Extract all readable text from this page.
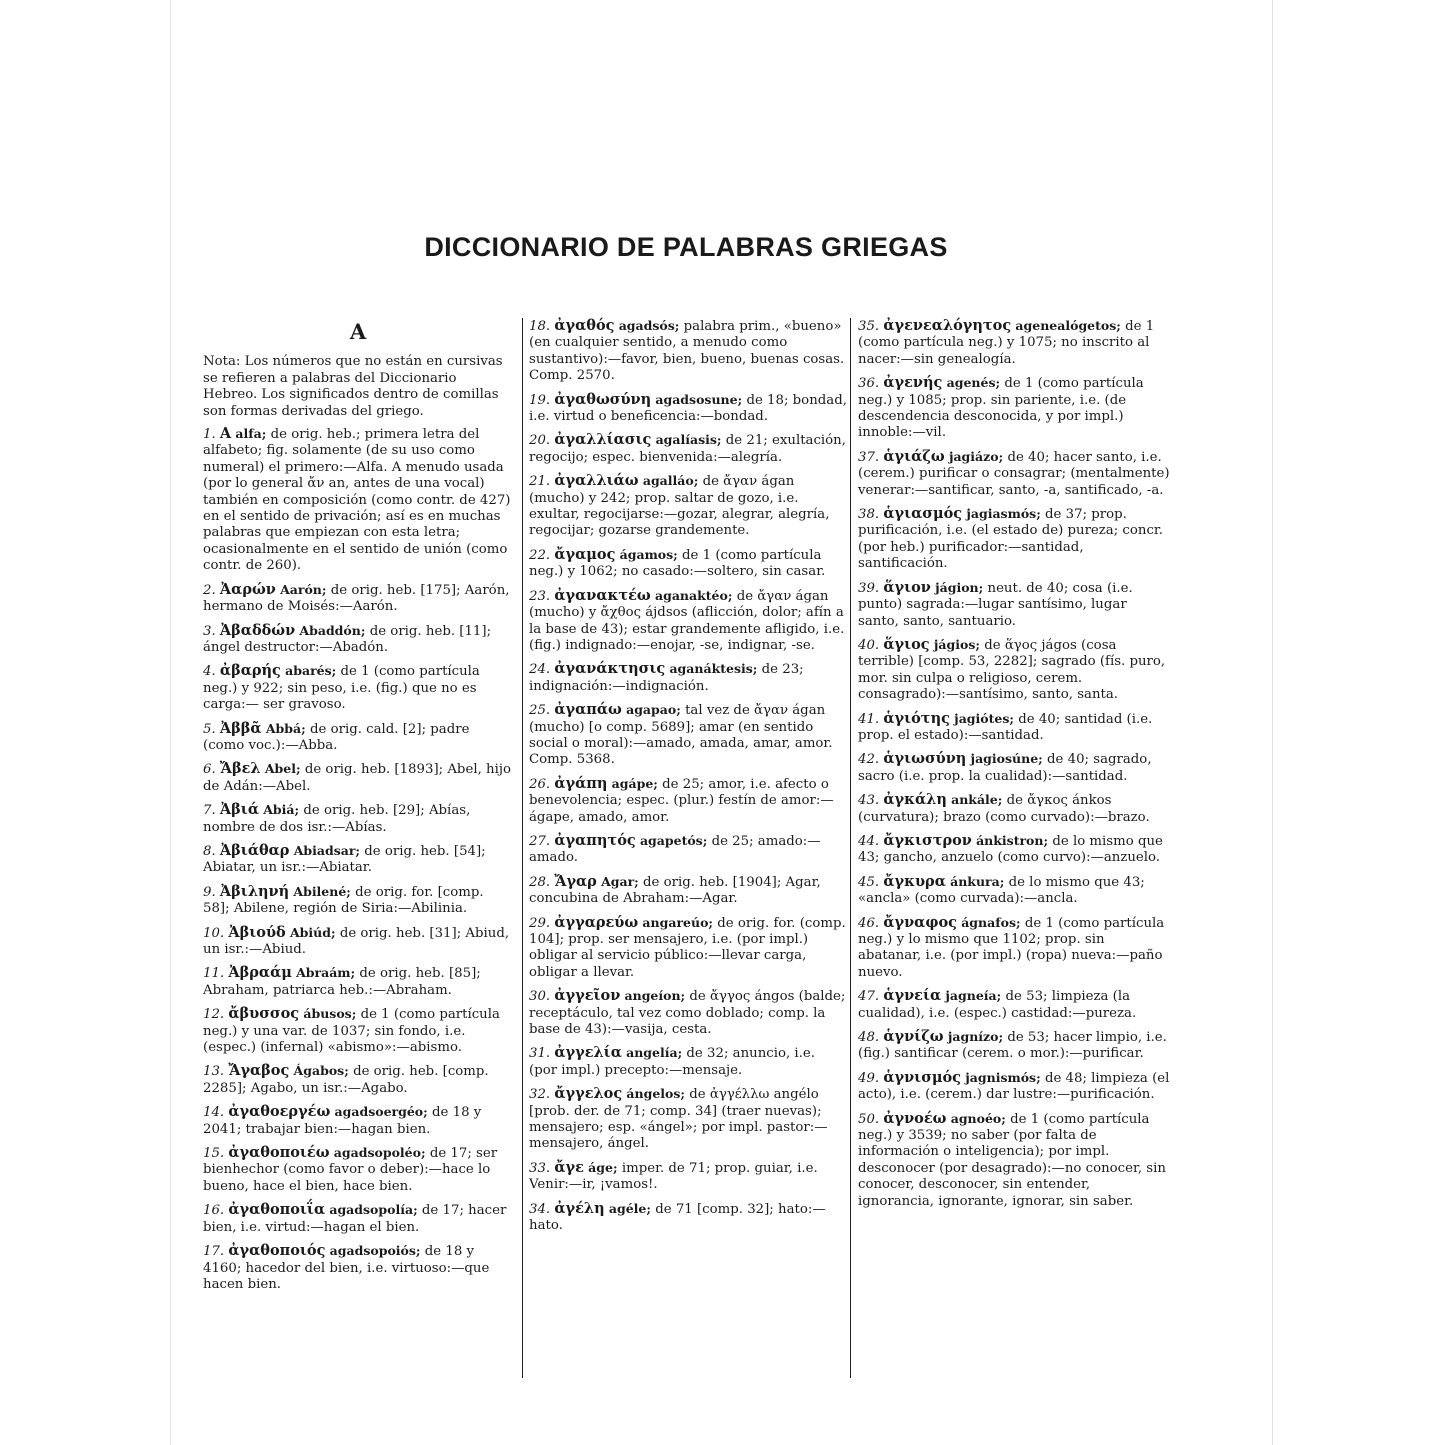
DICCIONARIO DE PALABRAS GRIEGAS
A
Nota: Los números que no están en cursivas se refieren a palabras del Diccionario Hebreo. Los significados dentro de comillas son formas derivadas del griego.
1. Α alfa; de orig. heb.; primera letra del alfabeto; fig. solamente (de su uso como numeral) el primero:—Alfa. A menudo usada (por lo general ἄν an, antes de una vocal) también en composición (como contr. de 427) en el sentido de privación; así es en muchas palabras que empiezan con esta letra; ocasionalmente en el sentido de unión (como contr. de 260).
2. Ἀαρών Aarón; de orig. heb. [175]; Aarón, hermano de Moisés:—Aarón.
3. Ἀβαδδών Abaddón; de orig. heb. [11]; ángel destructor:—Abadón.
4. ἀβαρής abarés; de 1 (como partícula neg.) y 922; sin peso, i.e. (fig.) que no es carga:— ser gravoso.
5. Ἀββᾶ Abbá; de orig. cald. [2]; padre (como voc.):—Abba.
6. Ἄβελ Abel; de orig. heb. [1893]; Abel, hijo de Adán:—Abel.
7. Ἀβιά Abiá; de orig. heb. [29]; Abías, nombre de dos isr.:—Abías.
8. Ἀβιάθαρ Abiadsar; de orig. heb. [54]; Abiatar, un isr.:—Abiatar.
9. Ἀβιληνή Abilené; de orig. for. [comp. 58]; Abilene, región de Siria:—Abilinia.
10. Ἀβιούδ Abiúd; de orig. heb. [31]; Abiud, un isr.:—Abiud.
11. Ἀβραάμ Abraám; de orig. heb. [85]; Abraham, patriarca heb.:—Abraham.
12. ἄβυσσος ábusos; de 1 (como partícula neg.) y una var. de 1037; sin fondo, i.e. (espec.) (infernal) «abismo»:—abismo.
13. Ἄγαβος Ágabos; de orig. heb. [comp. 2285]; Agabo, un isr.:—Agabo.
14. ἀγαθοεργέω agadsoergéo; de 18 y 2041; trabajar bien:—hagan bien.
15. ἀγαθοποιέω agadsopoléo; de 17; ser bienhechor (como favor o deber):—hace lo bueno, hace el bien, hace bien.
16. ἀγαθοποιΐα agadsopolía; de 17; hacer bien, i.e. virtud:—hagan el bien.
17. ἀγαθοποιός agadsopoiós; de 18 y 4160; hacedor del bien, i.e. virtuoso:—que hacen bien.
18. ἀγαθός agadsós; palabra prim., «bueno» (en cualquier sentido, a menudo como sustantivo):—favor, bien, bueno, buenas cosas. Comp. 2570.
19. ἀγαθωσύνη agadsosune; de 18; bondad, i.e. virtud o beneficencia:—bondad.
20. ἀγαλλίασις agalíasis; de 21; exultación, regocijo; espec. bienvenida:—alegría.
21. ἀγαλλιάω agalláo; de ἄγαν ágan (mucho) y 242; prop. saltar de gozo, i.e. exultar, regocijarse:—gozar, alegrar, alegría, regocijar; gozarse grandemente.
22. ἄγαμος ágamos; de 1 (como partícula neg.) y 1062; no casado:—soltero, sin casar.
23. ἀγανακτέω aganaktéo; de ἄγαν ágan (mucho) y ἄχθος ájdsos (aflicción, dolor; afín a la base de 43); estar grandemente afligido, i.e. (fig.) indignado:—enojar, -se, indignar, -se.
24. ἀγανάκτησις aganáktesis; de 23; indignación:—indignación.
25. ἀγαπάω agapao; tal vez de ἄγαν ágan (mucho) [o comp. 5689]; amar (en sentido social o moral):—amado, amada, amar, amor. Comp. 5368.
26. ἀγάπη agápe; de 25; amor, i.e. afecto o benevolencia; espec. (plur.) festín de amor:—ágape, amado, amor.
27. ἀγαπητός agapetós; de 25; amado:—amado.
28. Ἄγαρ Agar; de orig. heb. [1904]; Agar, concubina de Abraham:—Agar.
29. ἀγγαρεύω angareúo; de orig. for. (comp. 104]; prop. ser mensajero, i.e. (por impl.) obligar al servicio público:—llevar carga, obligar a llevar.
30. ἀγγεῖον angeíon; de ἄγγος ángos (balde; receptáculo, tal vez como doblado; comp. la base de 43):—vasija, cesta.
31. ἀγγελία angelía; de 32; anuncio, i.e. (por impl.) precepto:—mensaje.
32. ἄγγελος ángelos; de ἀγγέλλω angélo [prob. der. de 71; comp. 34] (traer nuevas); mensajero; esp. «ángel»; por impl. pastor:—mensajero, ángel.
33. ἄγε áge; imper. de 71; prop. guiar, i.e. Venir:—ir, ¡vamos!.
34. ἀγέλη agéle; de 71 [comp. 32]; hato:—hato.
35. ἀγενεαλόγητος agenealógetos; de 1 (como partícula neg.) y 1075; no inscrito al nacer:—sin genealogía.
36. ἀγενής agenés; de 1 (como partícula neg.) y 1085; prop. sin pariente, i.e. (de descendencia desconocida, y por impl.) innoble:—vil.
37. ἁγιάζω jagiázo; de 40; hacer santo, i.e. (cerem.) purificar o consagrar; (mentalmente) venerar:—santificar, santo, -a, santificado, -a.
38. ἁγιασμός jagiasmós; de 37; prop. purificación, i.e. (el estado de) pureza; concr. (por heb.) purificador:—santidad, santificación.
39. ἅγιον jágion; neut. de 40; cosa (i.e. punto) sagrada:—lugar santísimo, lugar santo, santo, santuario.
40. ἅγιος jágios; de ἅγος jágos (cosa terrible) [comp. 53, 2282]; sagrado (fís. puro, mor. sin culpa o religioso, cerem. consagrado):—santísimo, santo, santa.
41. ἁγιότης jagiótes; de 40; santidad (i.e. prop. el estado):—santidad.
42. ἁγιωσύνη jagiosúne; de 40; sagrado, sacro (i.e. prop. la cualidad):—santidad.
43. ἀγκάλη ankále; de ἄγκος ánkos (curvatura); brazo (como curvado):—brazo.
44. ἄγκιστρον ánkistron; de lo mismo que 43; gancho, anzuelo (como curvo):—anzuelo.
45. ἄγκυρα ánkura; de lo mismo que 43; «ancla» (como curvada):—ancla.
46. ἄγναφος ágnafos; de 1 (como partícula neg.) y lo mismo que 1102; prop. sin abatanar, i.e. (por impl.) (ropa) nueva:—paño nuevo.
47. ἁγνεία jagneía; de 53; limpieza (la cualidad), i.e. (espec.) castidad:—pureza.
48. ἁγνίζω jagnízo; de 53; hacer limpio, i.e. (fig.) santificar (cerem. o mor.):—purificar.
49. ἁγνισμός jagnismós; de 48; limpieza (el acto), i.e. (cerem.) dar lustre:—purificación.
50. ἀγνοέω agnoéo; de 1 (como partícula neg.) y 3539; no saber (por falta de información o inteligencia); por impl. desconocer (por desagrado):—no conocer, sin conocer, desconocer, sin entender, ignorancia, ignorante, ignorar, sin saber.
